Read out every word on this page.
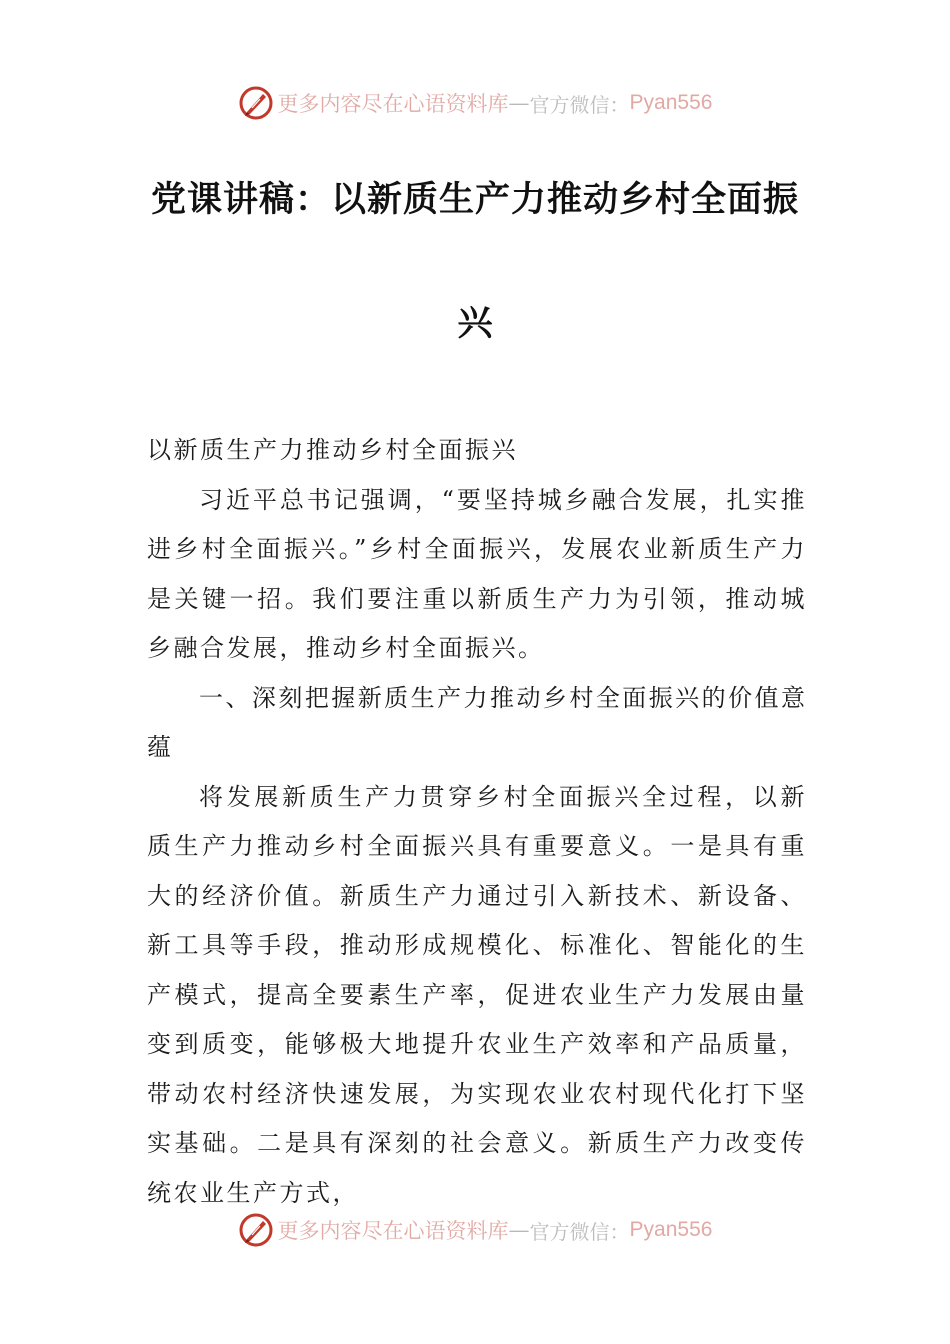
更多内容尽在心语资料库 — 官方微信： Pyan556
党课讲稿：以新质生产力推动乡村全面振
兴

以新质生产力推动乡村全面振兴

习近平总书记强调，“要坚持城乡融合发展，扎实推进乡村全面振兴。”乡村全面振兴，发展农业新质生产力是关键一招。我们要注重以新质生产力为引领，推动城乡融合发展，推动乡村全面振兴。

一、深刻把握新质生产力推动乡村全面振兴的价值意蕴

将发展新质生产力贯穿乡村全面振兴全过程，以新质生产力推动乡村全面振兴具有重要意义。一是具有重大的经济价值。新质生产力通过引入新技术、新设备、新工具等手段，推动形成规模化、标准化、智能化的生产模式，提高全要素生产率，促进农业生产力发展由量变到质变，能够极大地提升农业生产效率和产品质量，带动农村经济快速发展，为实现农业农村现代化打下坚实基础。二是具有深刻的社会意义。新质生产力改变传统农业生产方式，

更多内容尽在心语资料库 — 官方微信： Pyan556
